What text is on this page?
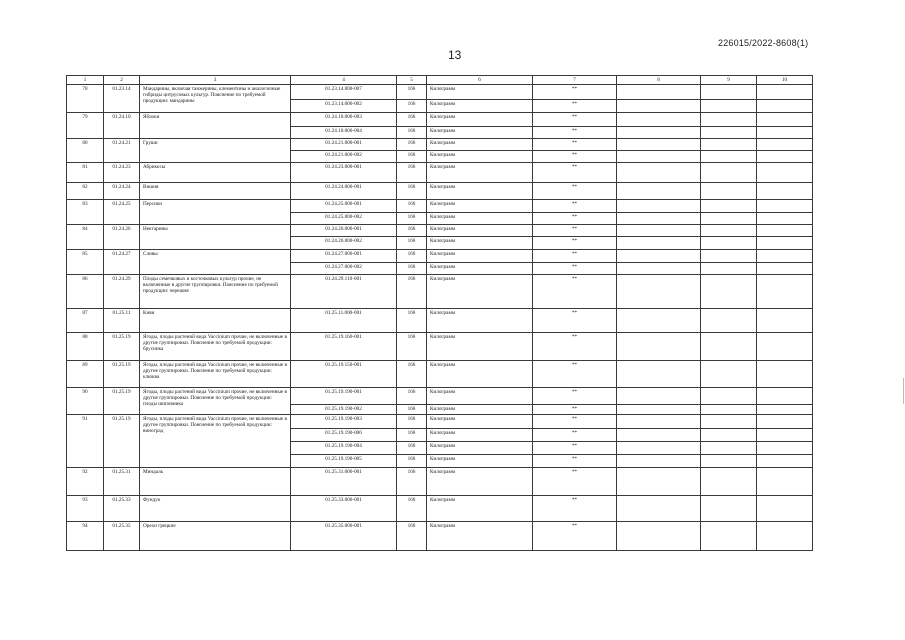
226015/2022-8608(1)
13
1	2	3	4	5	6	7	8	9	10
78	01.23.14	Мандарины, включая танжерины, клементины и аналогичные гибриды цитрусовых культур. Пояснение по требуемой продукции: мандарины	01.23.14.000-007	166	Килограмм	**			
			01.23.14.000-002	166	Килограмм	**			
79	01.24.10	Яблоки	01.24.10.000-003	166	Килограмм	**			
			01.24.10.000-004	166	Килограмм	**			
80	01.24.21	Груши	01.24.21.000-001	166	Килограмм	**			
			01.24.21.000-002	166	Килограмм	**			
81	01.24.23	Абрикосы	01.24.23.000-001	166	Килограмм	**			
82	01.24.24	Вишня	01.24.24.000-001	166	Килограмм	**			
83	01.24.25	Персики	01.24.25.000-001	166	Килограмм	**			
			01.24.25.000-002	166	Килограмм	**			
84	01.24.26	Нектарины	01.24.26.000-001	166	Килограмм	**			
			01.24.26.000-002	166	Килограмм	**			
85	01.24.27	Сливы	01.24.27.000-001	166	Килограмм	**			
			01.24.27.000-002	166	Килограмм	**			
86	01.24.29	Плоды семечковых и косточковых культур прочие, не включенные в другие группировки. Пояснение по требуемой продукции: черешня	01.24.29.110-001	166	Килограмм	**			
87	01.25.11	Киви	01.25.11.000-001	166	Килограмм	**			
88	01.25.19	Ягоды, плоды растений вида Vaccinium прочие, не включенные в другие группировки. Пояснение по требуемой продукции: брусника	01.25.19.160-001	166	Килограмм	**			
89	01.25.19	Ягоды, плоды растений вида Vaccinium прочие, не включенные в другие группировки. Пояснение по требуемой продукции: клюква	01.25.19.150-001	166	Килограмм	**			
90	01.25.19	Ягоды, плоды растений вида Vaccinium прочие, не включенные в другие группировки. Пояснение по требуемой продукции: плоды шиповника	01.25.19.190-001	166	Килограмм	**			
			01.25.19.190-002	166	Килограмм	**			
91	01.25.19	Ягоды, плоды растений вида Vaccinium прочие, не включенные в другие группировки. Пояснение по требуемой продукции: виноград	01.25.19.190-003	166	Килограмм	**			
			01.25.19.190-006	166	Килограмм	**			
			01.25.19.190-004	166	Килограмм	**			
			01.25.19.190-005	166	Килограмм	**			
92	01.25.31	Миндаль	01.25.31.000-001	166	Килограмм	**			
93	01.25.33	Фундук	01.25.33.000-001	166	Килограмм	**			
94	01.25.35	Орехи грецкие	01.25.35.000-001	166	Килограмм	**			
